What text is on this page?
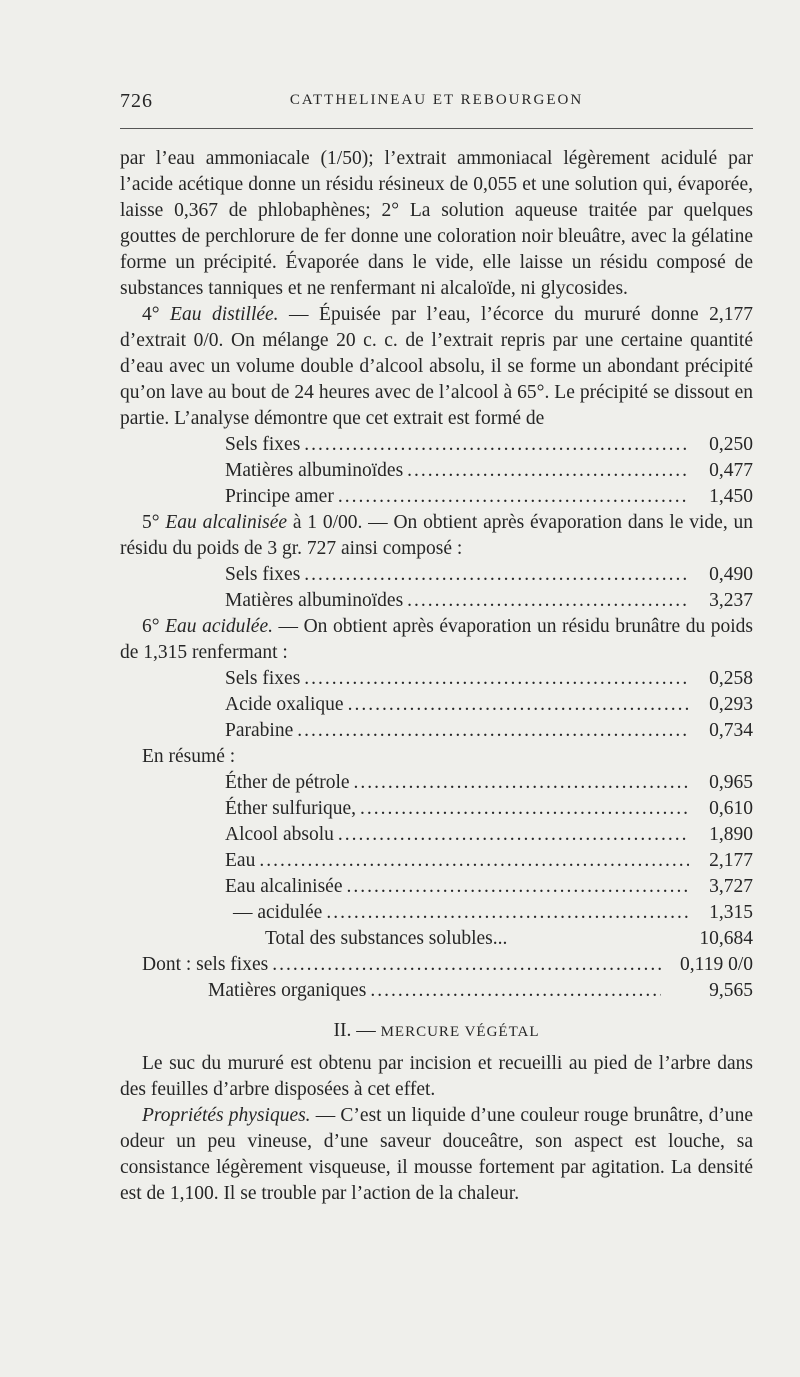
726	CATTHELINEAU ET REBOURGEON

par l’eau ammoniacale (1/50); l’extrait ammoniacal légèrement acidulé par l’acide acétique donne un résidu résineux de 0,055 et une solution qui, évaporée, laisse 0,367 de phlobaphènes; 2° La solution aqueuse traitée par quelques gouttes de perchlorure de fer donne une coloration noir bleuâtre, avec la gélatine forme un précipité. Évaporée dans le vide, elle laisse un résidu composé de substances tanniques et ne renfermant ni alcaloïde, ni glycosides.

4° Eau distillée. — Épuisée par l’eau, l’écorce du mururé donne 2,177 d’extrait 0/0. On mélange 20 c. c. de l’extrait repris par une certaine quantité d’eau avec un volume double d’alcool absolu, il se forme un abondant précipité qu’on lave au bout de 24 heures avec de l’alcool à 65°. Le précipité se dissout en partie. L’analyse démontre que cet extrait est formé de

Sels fixes .....	0,250
Matières albuminoïdes .....	0,477
Principe amer .....	1,450

5° Eau alcalinisée à 1 0/00. — On obtient après évaporation dans le vide, un résidu du poids de 3 gr. 727 ainsi composé :

Sels fixes .....	0,490
Matières albuminoïdes .....	3,237

6° Eau acidulée. — On obtient après évaporation un résidu brunâtre du poids de 1,315 renfermant :

Sels fixes .....	0,258
Acide oxalique .....	0,293
Parabine .....	0,734
En résumé :
Éther de pétrole .....	0,965
Éther sulfurique, .....	0,610
Alcool absolu .....	1,890
Eau .....	2,177
Eau alcalinisée .....	3,727
— acidulée .....	1,315
Total des substances solubles...	10,684
Dont : sels fixes .....	0,119 0/0
Matières organiques .....	9,565
II. — MERCURE VÉGÉTAL

Le suc du mururé est obtenu par incision et recueilli au pied de l’arbre dans des feuilles d’arbre disposées à cet effet.

Propriétés physiques. — C’est un liquide d’une couleur rouge brunâtre, d’une odeur un peu vineuse, d’une saveur douceâtre, son aspect est louche, sa consistance légèrement visqueuse, il mousse fortement par agitation. La densité est de 1,100. Il se trouble par l’action de la chaleur.
